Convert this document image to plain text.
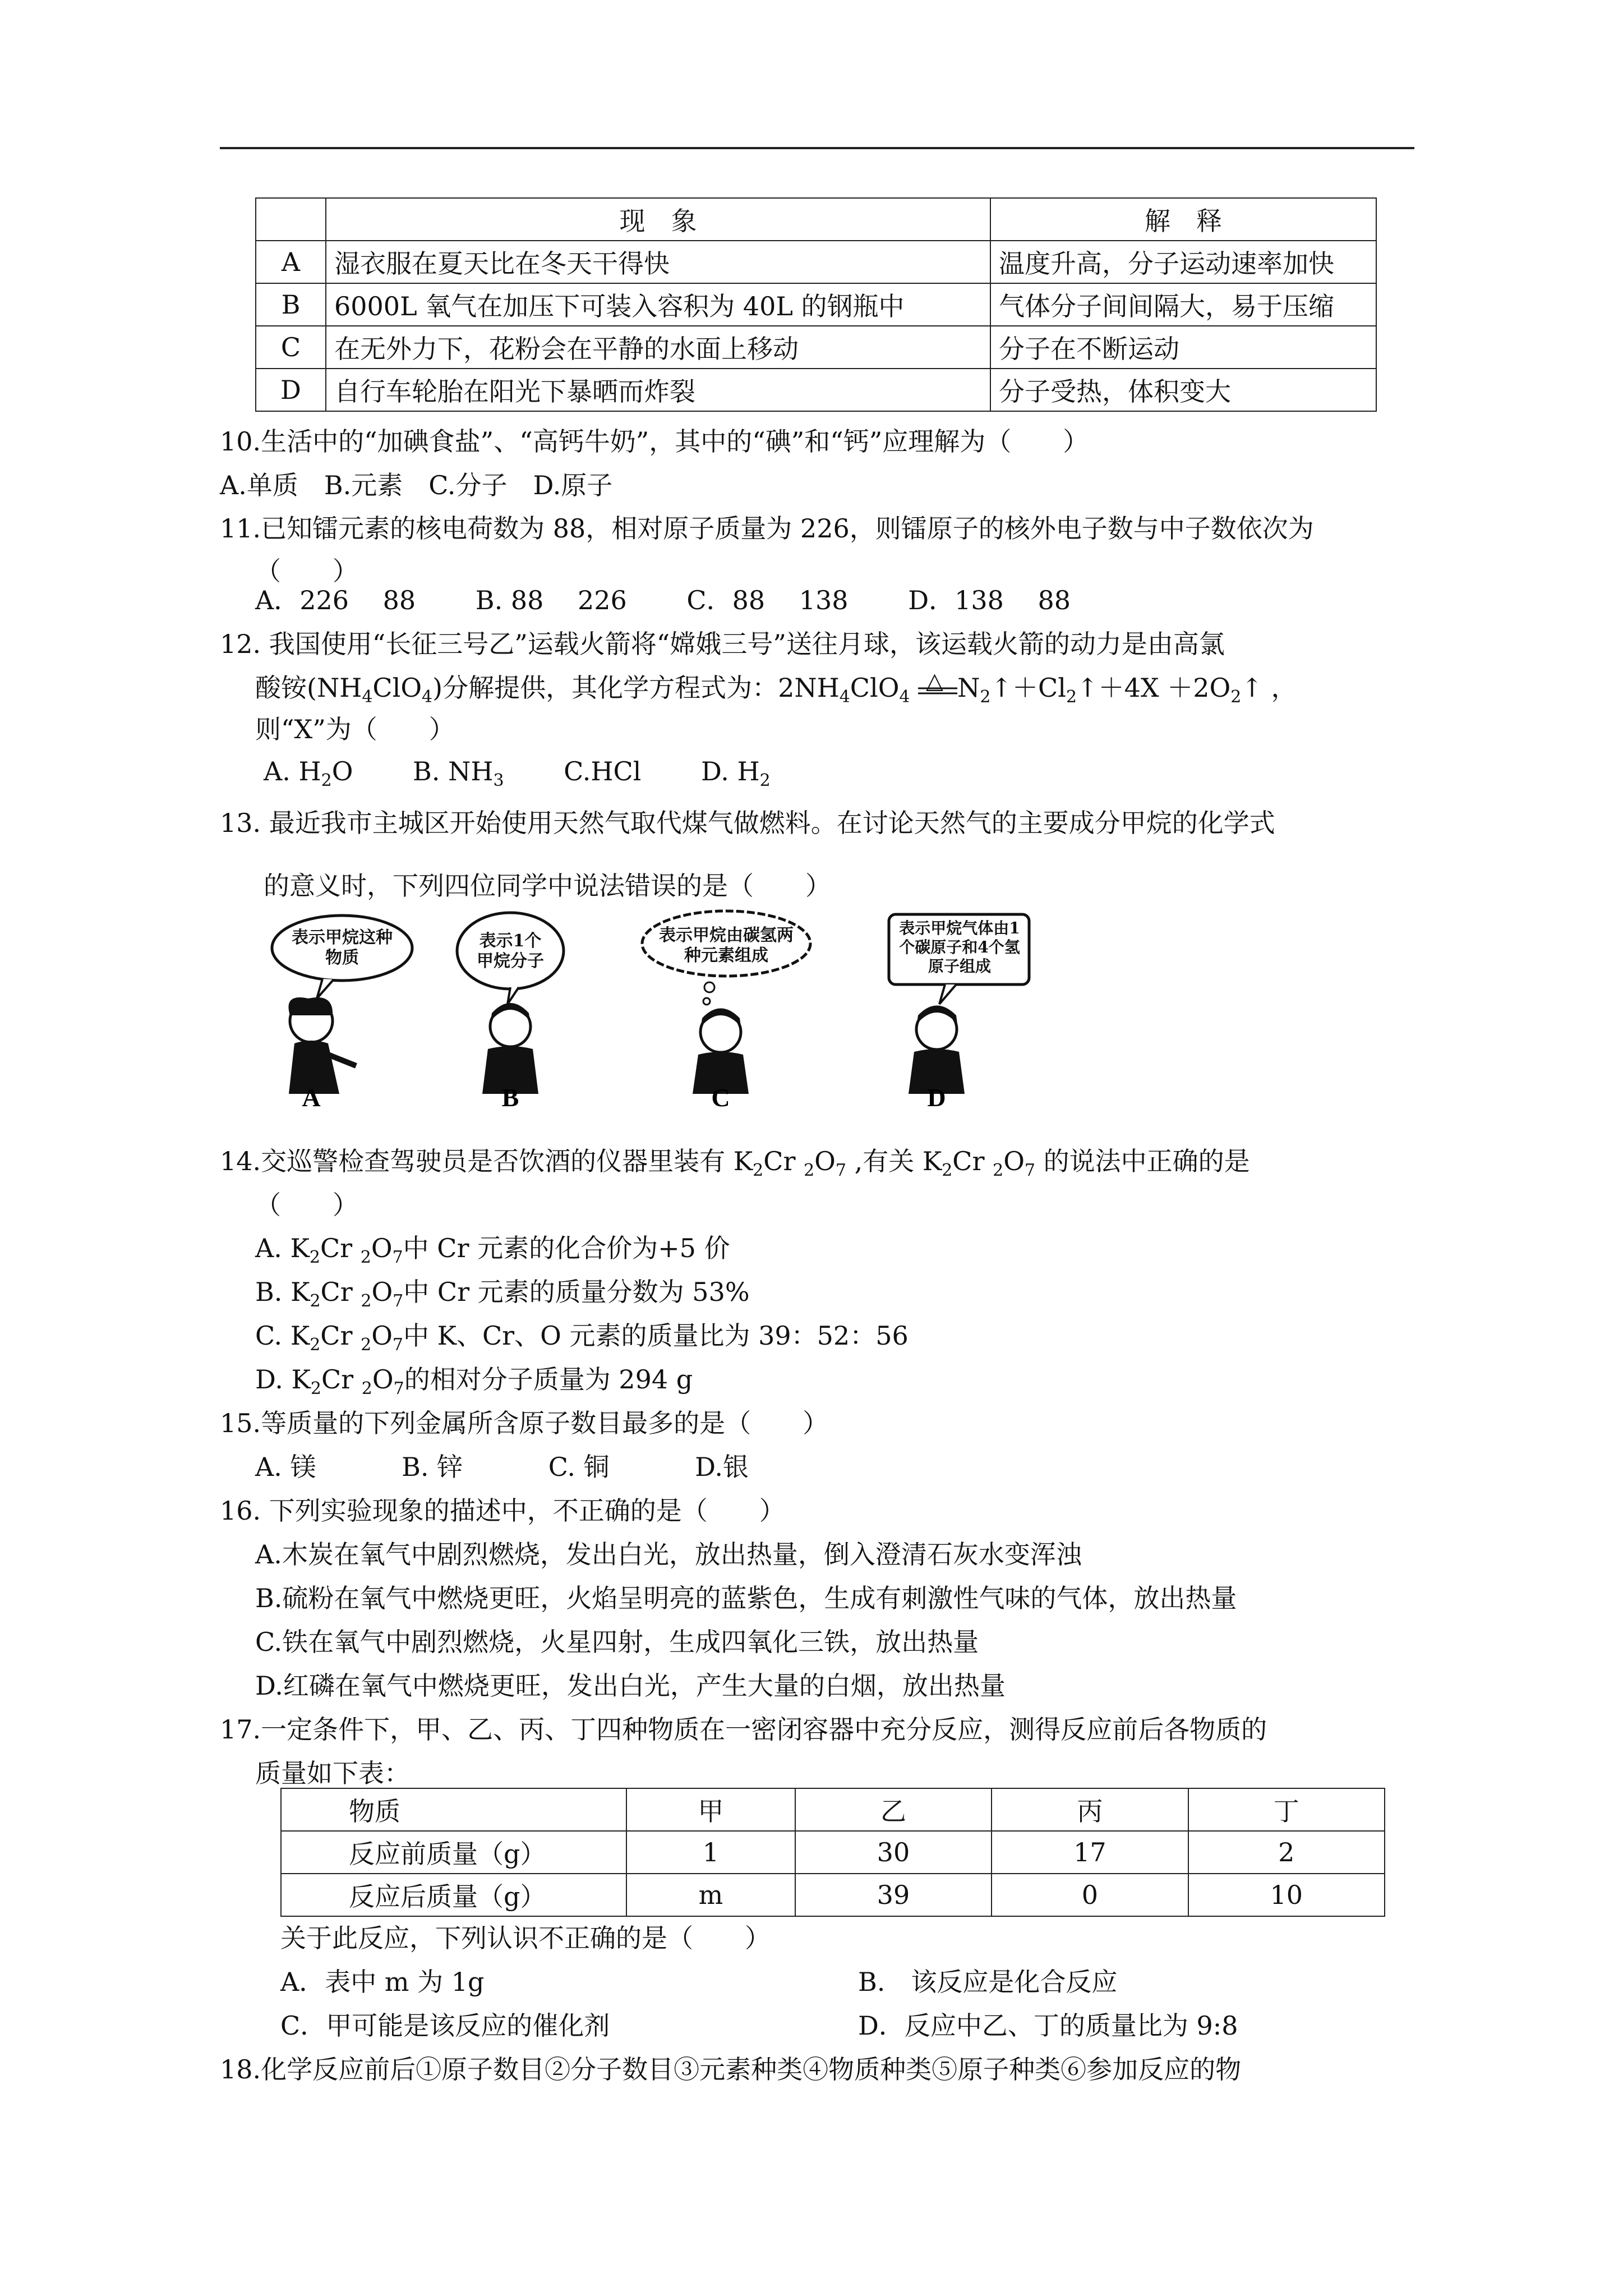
	现　象	解　释
A	湿衣服在夏天比在冬天干得快	温度升高，分子运动速率加快
B	6000L 氧气在加压下可装入容积为 40L 的钢瓶中	气体分子间间隔大，易于压缩
C	在无外力下，花粉会在平静的水面上移动	分子在不断运动
D	自行车轮胎在阳光下暴晒而炸裂	分子受热，体积变大
10.生活中的“加碘食盐”、“高钙牛奶”，其中的“碘”和“钙”应理解为（　　）
A.单质　B.元素　C.分子　D.原子
11.已知镭元素的核电荷数为 88，相对原子质量为 226，则镭原子的核外电子数与中子数依次为
（　　）
A．226　 88　　 B. 88　 226　　 C．88　 138　　 D．138　 88
12. 我国使用“长征三号乙”运载火箭将“嫦娥三号”送往月球，该运载火箭的动力是由高氯
酸铵$(NH_4ClO_4)$分解提供，其化学方程式为：$2NH_4ClO_4$
△ $N_2↑+Cl_2↑+4X$ $+2O_2↑$ ，
则“X”为（　　）
A. $H_2O$　　 B. $NH_3$　　 C.HCl　　 D. $H_2$
13. 最近我市主城区开始使用天然气取代煤气做燃料。在讨论天然气的主要成分甲烷的化学式
的意义时，下列四位同学中说法错误的是（　　）
A	B	C	D
表示甲烷这种物质
表示1个甲烷分子
表示甲烷由碳氢两种元素组成
表示甲烷气体由1个碳原子和4个氢原子组成
14.交巡警检查驾驶员是否饮酒的仪器里装有 $K_2Cr$ $_2O_7$ ,有关 $K_2Cr$ $_2O_7$ 的说法中正确的是
（　　）
A. $K_2Cr$ $_2O_7$中 Cr 元素的化合价为+5 价
B. $K_2Cr$ $_2O_7$中 Cr 元素的质量分数为 53%
C. $K_2Cr$ $_2O_7$中 K、Cr、O 元素的质量比为 39：52：56
D. $K_2Cr$ $_2O_7$的相对分子质量为 294 g
15.等质量的下列金属所含原子数目最多的是（　　）
A. 镁　　　 B. 锌　　　 C. 铜　　　 D.银
16. 下列实验现象的描述中，不正确的是（　　）
A.木炭在氧气中剧烈燃烧，发出白光，放出热量，倒入澄清石灰水变浑浊
B.硫粉在氧气中燃烧更旺，火焰呈明亮的蓝紫色，生成有刺激性气味的气体，放出热量
C.铁在氧气中剧烈燃烧，火星四射，生成四氧化三铁，放出热量
D.红磷在氧气中燃烧更旺，发出白光，产生大量的白烟，放出热量
17.一定条件下，甲、乙、丙、丁四种物质在一密闭容器中充分反应，测得反应前后各物质的
质量如下表：
物质	甲	乙	丙	丁
反应前质量（g）	1	30	17	2
反应后质量（g）	m	39	0	10
关于此反应，下列认识不正确的是（　　）
A．表中 m 为 1g	B.　该反应是化合反应
C．甲可能是该反应的催化剂	D．反应中乙、丁的质量比为 9:8
18.化学反应前后①原子数目②分子数目③元素种类④物质种类⑤原子种类⑥参加反应的物
